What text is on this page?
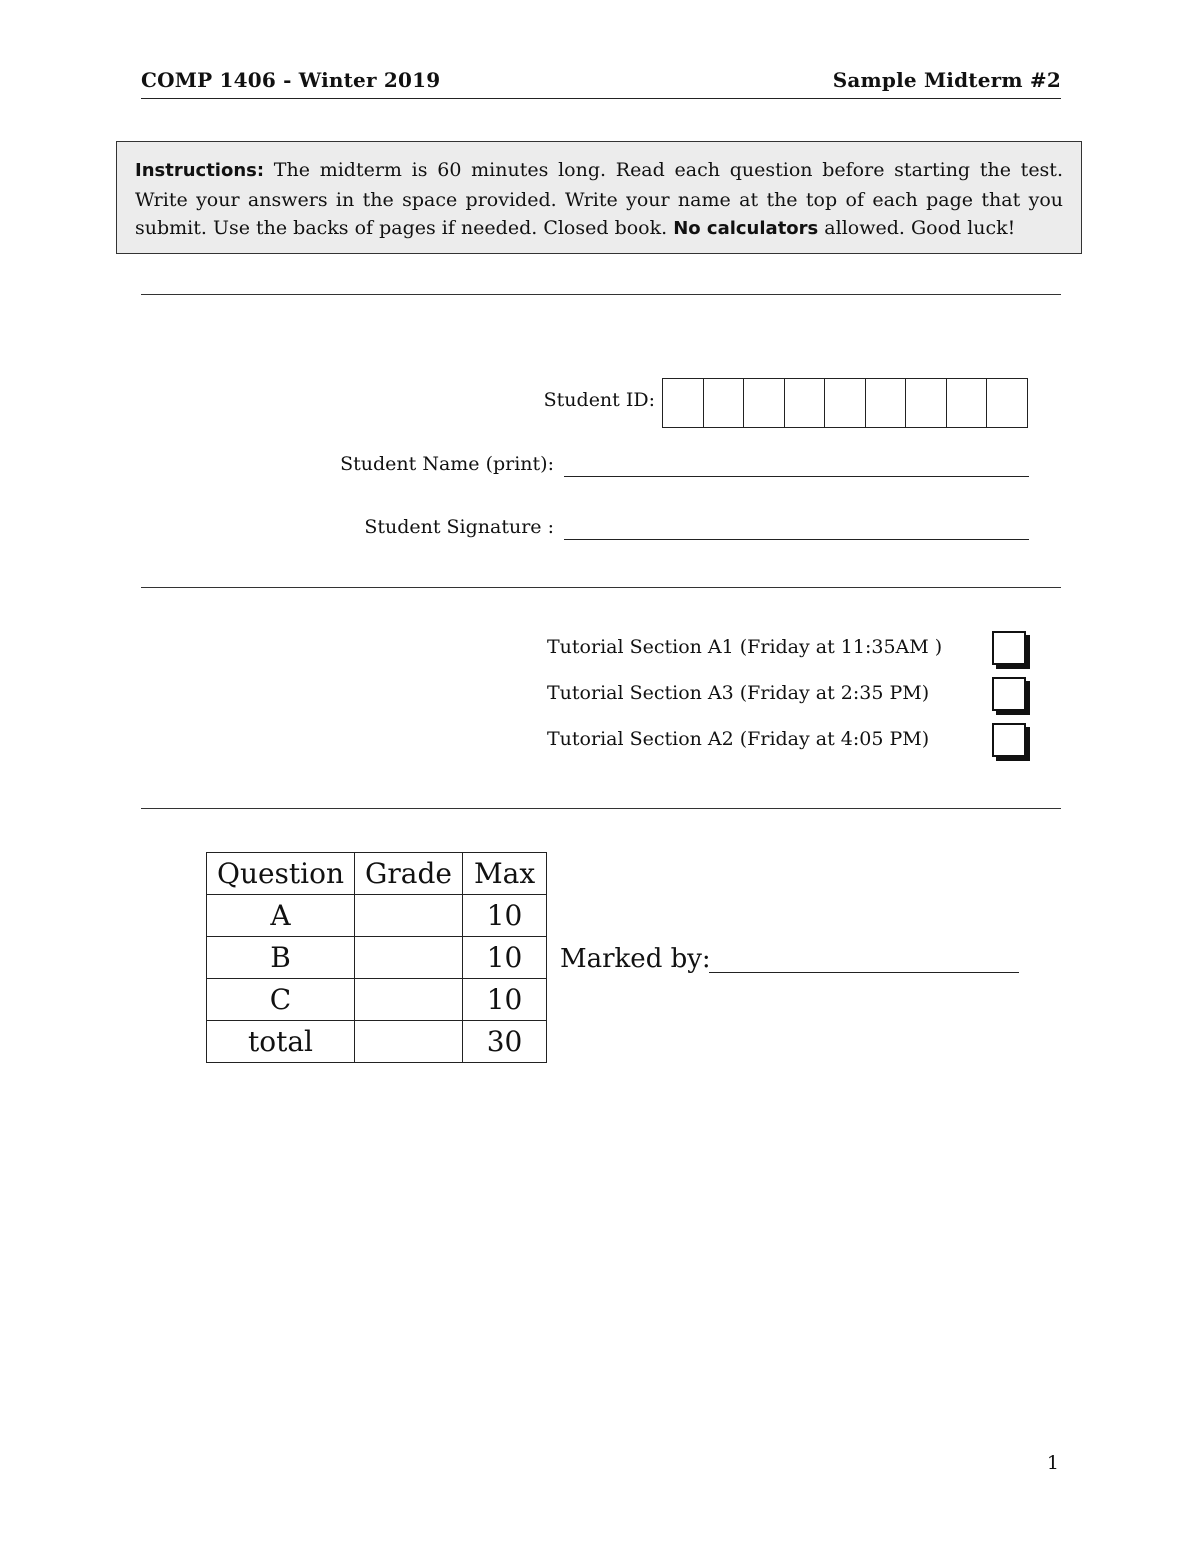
COMP 1406 - Winter 2019	Sample Midterm #2

Instructions: The midterm is 60 minutes long. Read each question before starting the test. Write your answers in the space provided. Write your name at the top of each page that you submit. Use the backs of pages if needed. Closed book. No calculators allowed. Good luck!

Student ID:
Student Name (print):
Student Signature :
Tutorial Section A1 (Friday at 11:35AM )
Tutorial Section A3 (Friday at 2:35 PM)
Tutorial Section A2 (Friday at 4:05 PM)
Question	Grade	Max
A		10
B		10
C		10
total		30
Marked by:
1
